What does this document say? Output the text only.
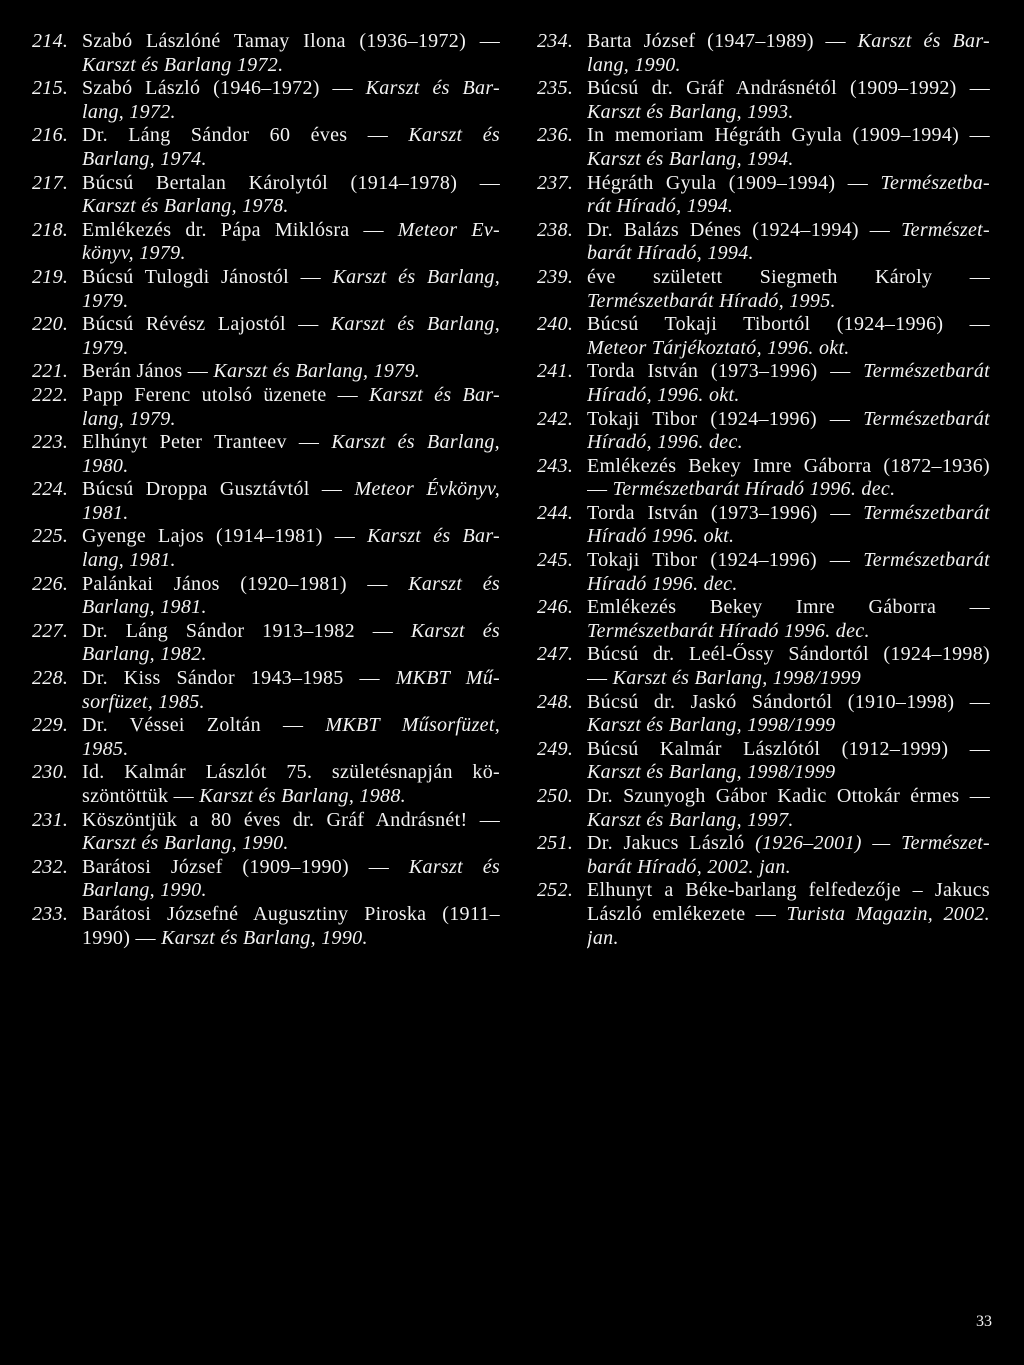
214. Szabó Lászlóné Tamay Ilona (1936–1972) —
Karszt és Barlang 1972.
215. Szabó László (1946–1972) — Karszt és Bar-
lang, 1972.
216. Dr. Láng Sándor 60 éves — Karszt és
Barlang, 1974.
217. Búcsú Bertalan Károlytól (1914–1978) —
Karszt és Barlang, 1978.
218. Emlékezés dr. Pápa Miklósra — Meteor Ev-
könyv, 1979.
219. Búcsú Tulogdi Jánostól — Karszt és Barlang,
1979.
220. Búcsú Révész Lajostól — Karszt és Barlang,
1979.
221. Berán János — Karszt és Barlang, 1979.
222. Papp Ferenc utolsó üzenete — Karszt és Bar-
lang, 1979.
223. Elhúnyt Peter Tranteev — Karszt és Barlang,
1980.
224. Búcsú Droppa Gusztávtól — Meteor Évkönyv,
1981.
225. Gyenge Lajos (1914–1981) — Karszt és Bar-
lang, 1981.
226. Palánkai János (1920–1981) — Karszt és
Barlang, 1981.
227. Dr. Láng Sándor 1913–1982 — Karszt és
Barlang, 1982.
228. Dr. Kiss Sándor 1943–1985 — MKBT Mű-
sorfüzet, 1985.
229. Dr. Véssei Zoltán — MKBT Műsorfüzet,
1985.
230. Id. Kalmár Lászlót 75. születésnapján kö-
szöntöttük — Karszt és Barlang, 1988.
231. Köszöntjük a 80 éves dr. Gráf Andrásnét! —
Karszt és Barlang, 1990.
232. Barátosi József (1909–1990) — Karszt és
Barlang, 1990.
233. Barátosi Józsefné Augusztiny Piroska (1911–
1990) — Karszt és Barlang, 1990.
234. Barta József (1947–1989) — Karszt és Bar-
lang, 1990.
235. Búcsú dr. Gráf Andrásnétól (1909–1992) —
Karszt és Barlang, 1993.
236. In memoriam Hégráth Gyula (1909–1994) —
Karszt és Barlang, 1994.
237. Hégráth Gyula (1909–1994) — Természetba-
rát Híradó, 1994.
238. Dr. Balázs Dénes (1924–1994) — Természet-
barát Híradó, 1994.
239. éve született Siegmeth Károly —
Természetbarát Híradó, 1995.
240. Búcsú Tokaji Tibortól (1924–1996) —
Meteor Tárjékoztató, 1996. okt.
241. Torda István (1973–1996) — Természetbarát
Híradó, 1996. okt.
242. Tokaji Tibor (1924–1996) — Természetbarát
Híradó, 1996. dec.
243. Emlékezés Bekey Imre Gáborra (1872–1936)
— Természetbarát Híradó 1996. dec.
244. Torda István (1973–1996) — Természetbarát
Híradó 1996. okt.
245. Tokaji Tibor (1924–1996) — Természetbarát
Híradó 1996. dec.
246. Emlékezés Bekey Imre Gáborra —
Természetbarát Híradó 1996. dec.
247. Búcsú dr. Leél-Őssy Sándortól (1924–1998)
— Karszt és Barlang, 1998/1999
248. Búcsú dr. Jaskó Sándortól (1910–1998) —
Karszt és Barlang, 1998/1999
249. Búcsú Kalmár Lászlótól (1912–1999) —
Karszt és Barlang, 1998/1999
250. Dr. Szunyogh Gábor Kadic Ottokár érmes —
Karszt és Barlang, 1997.
251. Dr. Jakucs László (1926–2001) — Természet-
barát Híradó, 2002. jan.
252. Elhunyt a Béke-barlang felfedezője – Jakucs
László emlékezete — Turista Magazin, 2002.
jan.
33
